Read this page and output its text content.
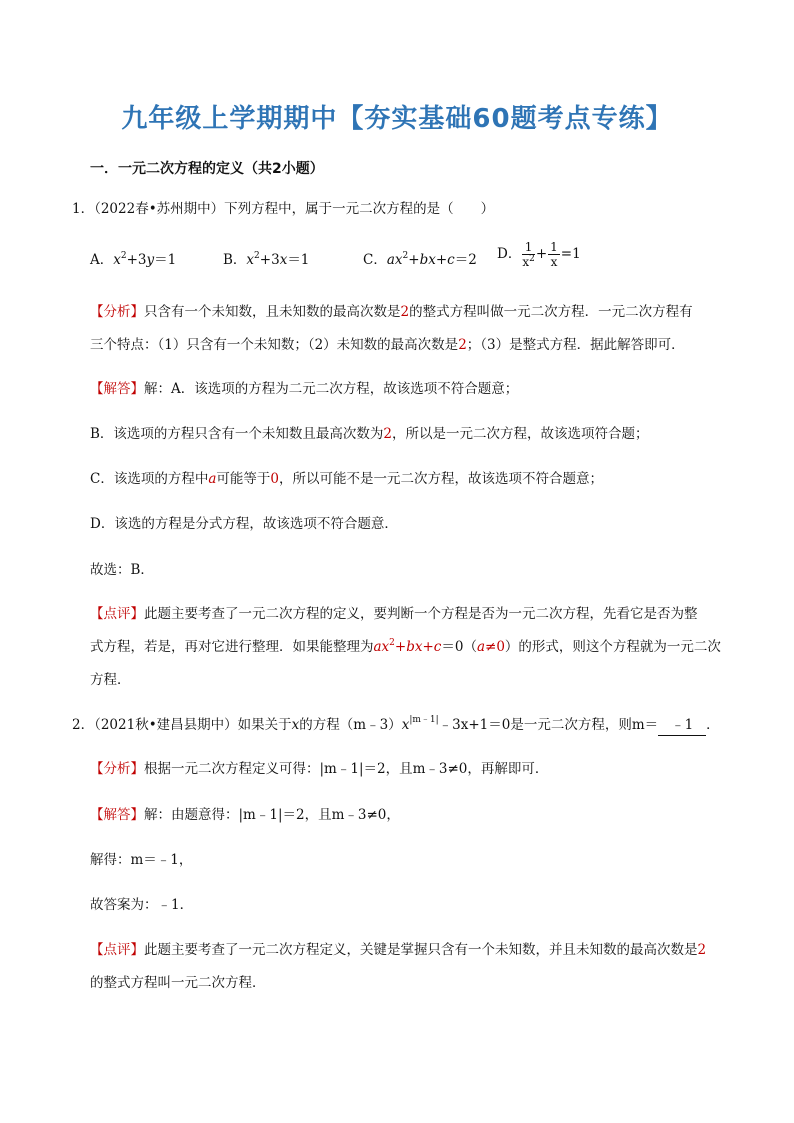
九年级上学期期中【夯实基础60题考点专练】
一．一元二次方程的定义（共2小题）
1．（2022春•苏州期中）下列方程中，属于一元二次方程的是（　　）
A．$x^2+3y=1$	B．$x^2+3x=1$	C．$ax^2+bx+c=2$ D． $\frac{1}{x^2} + \frac{1}{x} =1$
【分析】只含有一个未知数，且未知数的最高次数是2的整式方程叫做一元二次方程．一元二次方程有
三个特点：（1）只含有一个未知数；（2）未知数的最高次数是2；（3）是整式方程．据此解答即可．
【解答】解：A．该选项的方程为二元二次方程，故该选项不符合题意；
B．该选项的方程只含有一个未知数且最高次数为2，所以是一元二次方程，故该选项符合题；
C．该选项的方程中a可能等于0，所以可能不是一元二次方程，故该选项不符合题意；
D．该选的方程是分式方程，故该选项不符合题意．
故选：B．
【点评】此题主要考查了一元二次方程的定义，要判断一个方程是否为一元二次方程，先看它是否为整
式方程，若是，再对它进行整理．如果能整理为$ax^2+bx+c=0(a\ne 0)$的形式，则这个方程就为一元二次
方程．
2．（2021秋•建昌县期中）如果关于x的方程$(m﹣3)x^{|m﹣1|}﹣3x+1=0$是一元二次方程，则m＝ ﹣1 ．
【分析】根据一元二次方程定义可得：|m﹣1|＝2，且m﹣3≠0，再解即可．
【解答】解：由题意得：|m﹣1|＝2，且m﹣3≠0，
解得：m＝﹣1，
故答案为：﹣1．
【点评】此题主要考查了一元二次方程定义，关键是掌握只含有一个未知数，并且未知数的最高次数是2
的整式方程叫一元二次方程．
